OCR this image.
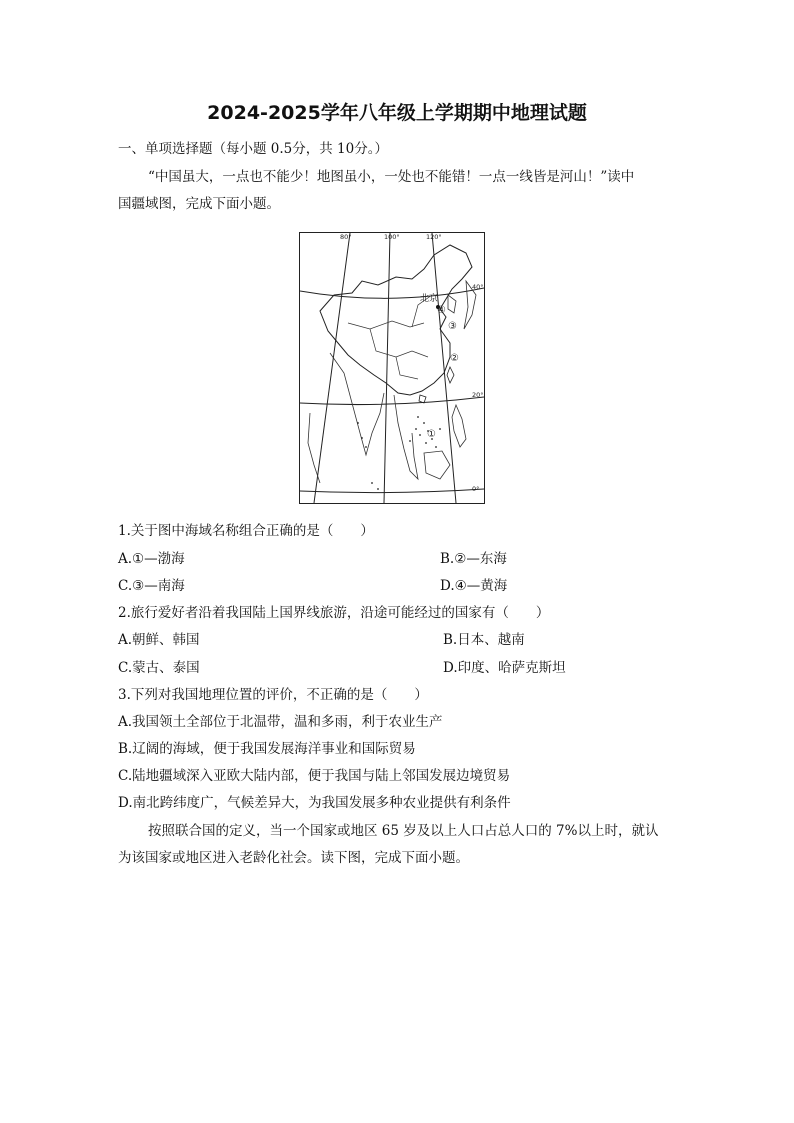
2024-2025学年八年级上学期期中地理试题
一、单项选择题（每小题 0.5分，共 10分。）
“中国虽大，一点也不能少！地图虽小，一处也不能错！一点一线皆是河山！”读中
国疆域图，完成下面小题。
80°	100°	120°
40°
20°
0°
北京
①
②
③
④
1.关于图中海域名称组合正确的是（　　）
A.①—渤海	B.②—东海
C.③—南海	D.④—黄海
2.旅行爱好者沿着我国陆上国界线旅游，沿途可能经过的国家有（　　）
A.朝鲜、韩国	B.日本、越南
C.蒙古、泰国	D.印度、哈萨克斯坦
3.下列对我国地理位置的评价，不正确的是（　　）
A.我国领土全部位于北温带，温和多雨，利于农业生产
B.辽阔的海域，便于我国发展海洋事业和国际贸易
C.陆地疆域深入亚欧大陆内部，便于我国与陆上邻国发展边境贸易
D.南北跨纬度广，气候差异大，为我国发展多种农业提供有利条件
按照联合国的定义，当一个国家或地区 65 岁及以上人口占总人口的 7%以上时，就认
为该国家或地区进入老龄化社会。读下图，完成下面小题。
